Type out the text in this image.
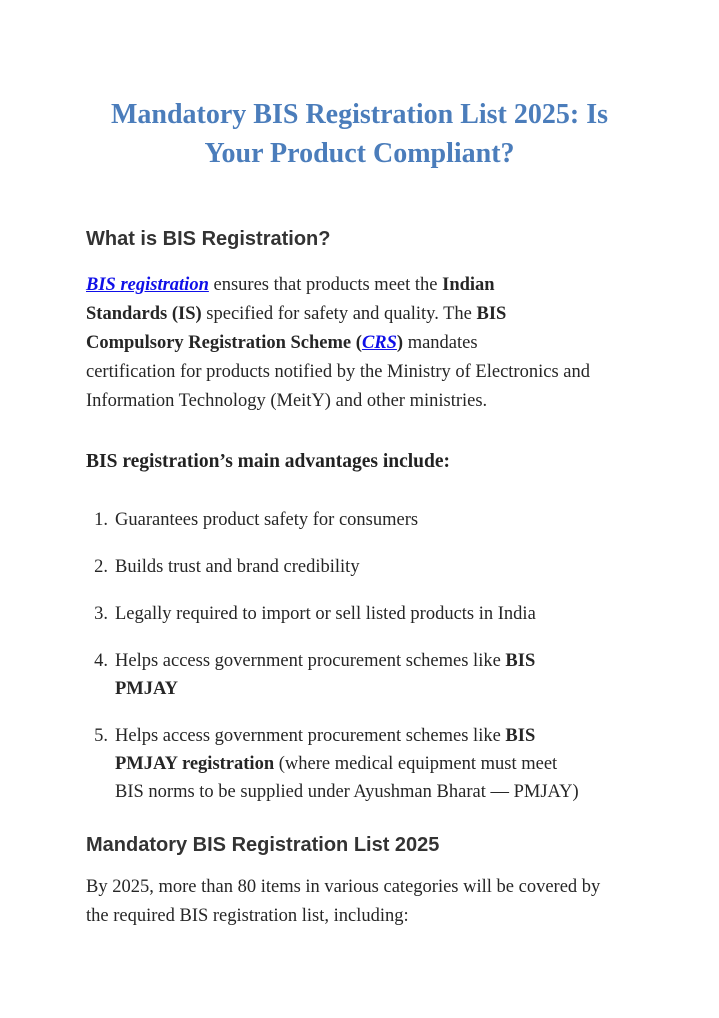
Mandatory BIS Registration List 2025: Is
Your Product Compliant?
What is BIS Registration?
BIS registration ensures that products meet the Indian
Standards (IS) specified for safety and quality. The BIS
Compulsory Registration Scheme (CRS) mandates
certification for products notified by the Ministry of Electronics and
Information Technology (MeitY) and other ministries.
BIS registration’s main advantages include:
1. Guarantees product safety for consumers
2. Builds trust and brand credibility
3. Legally required to import or sell listed products in India
4. Helps access government procurement schemes like BIS
PMJAY
5. Helps access government procurement schemes like BIS
PMJAY registration (where medical equipment must meet
BIS norms to be supplied under Ayushman Bharat — PMJAY)
Mandatory BIS Registration List 2025
By 2025, more than 80 items in various categories will be covered by
the required BIS registration list, including:
